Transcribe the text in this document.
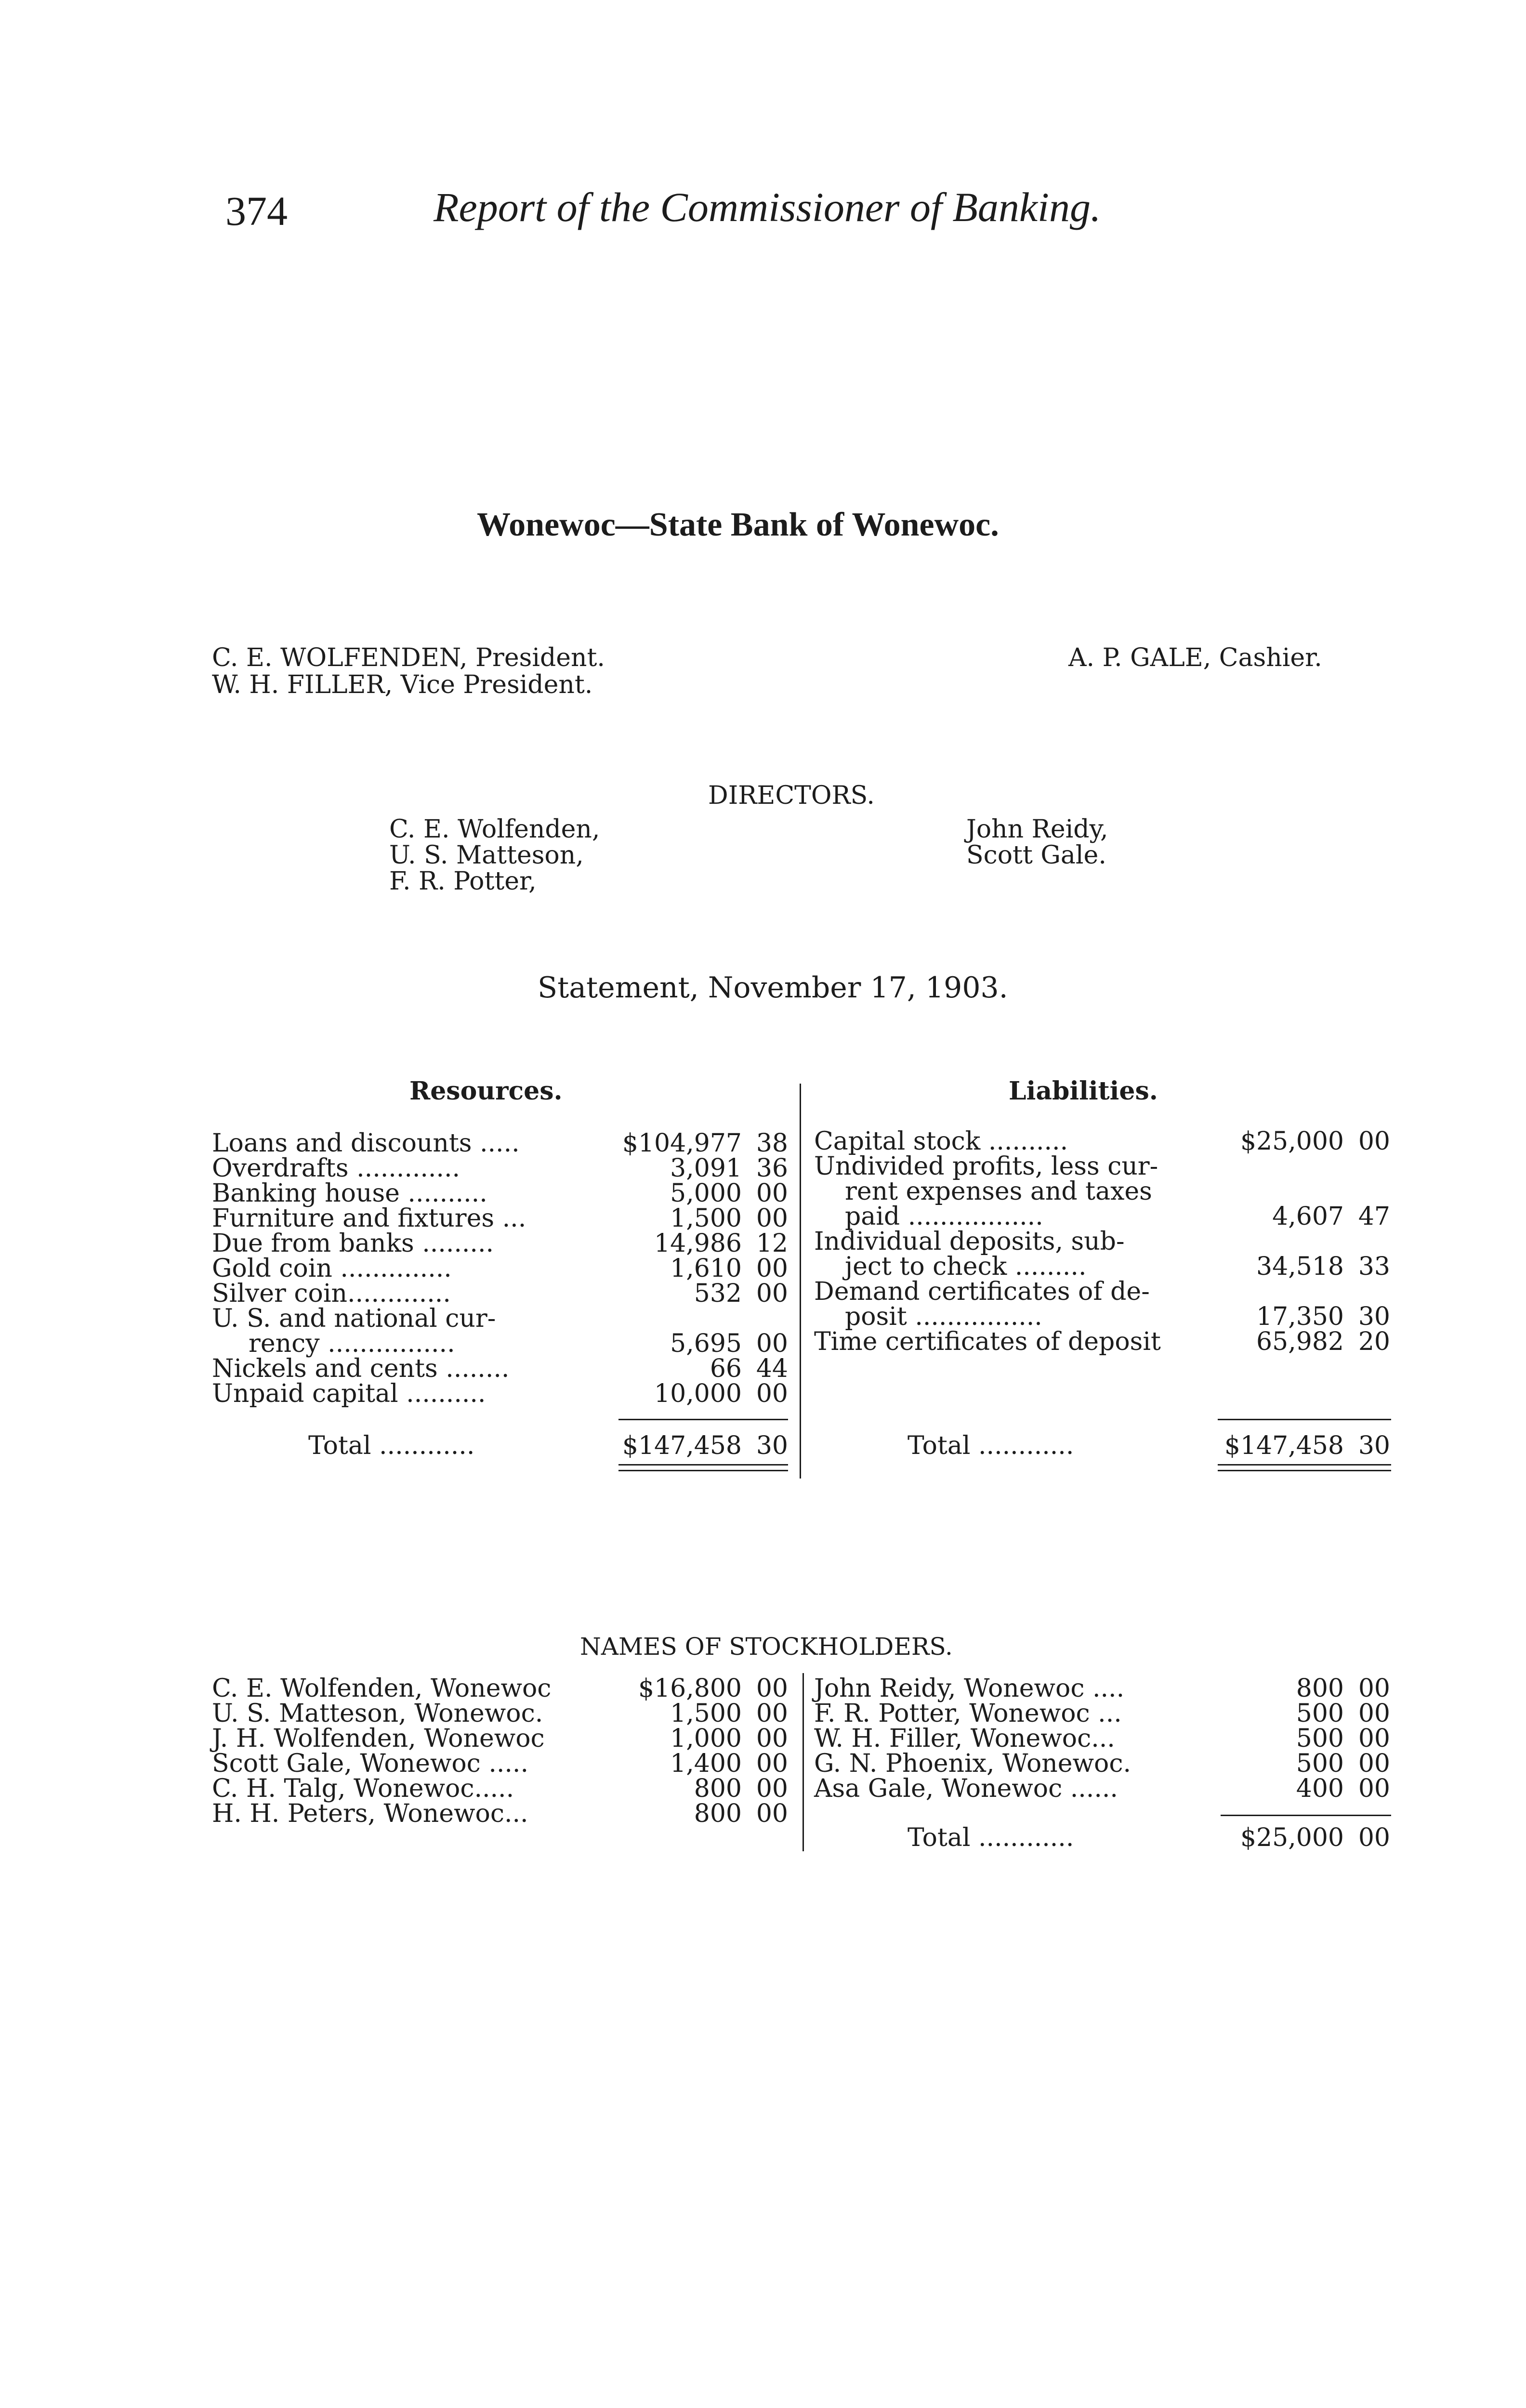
374	Report of the Commissioner of Banking.
Wonewoc—State Bank of Wonewoc.
C. E. WOLFENDEN, President.
W. H. FILLER, Vice President.
A. P. GALE, Cashier.
DIRECTORS.
C. E. Wolfenden,
U. S. Matteson,
F. R. Potter,
John Reidy,
Scott Gale.
Statement, November 17, 1903.
Resources.
Loans and discounts .....	$104,977 38
Overdrafts .............	3,091 36
Banking house ..........	5,000 00
Furniture and fixtures ...	1,500 00
Due from banks .........	14,986 12
Gold coin ..............	1,610 00
Silver coin.............	532 00
U. S. and national cur-
rency ................	5,695 00
Nickels and cents ........	66 44
Unpaid capital ..........	10,000 00
Liabilities.
Capital stock ..........	$25,000 00
Undivided profits, less cur-
rent expenses and taxes
paid .................	4,607 47
Individual deposits, sub-
ject to check .........	34,518 33
Demand certificates of de-
posit ................	17,350 30
Time certificates of deposit	65,982 20
Total ............	$147,458 30	Total ............	$147,458 30
NAMES OF STOCKHOLDERS.
C. E. Wolfenden, Wonewoc	$16,800 00
U. S. Matteson, Wonewoc.	1,500 00
J. H. Wolfenden, Wonewoc	1,000 00
Scott Gale, Wonewoc .....	1,400 00
C. H. Talg, Wonewoc.....	800 00
H. H. Peters, Wonewoc...	800 00
John Reidy, Wonewoc ....	800 00
F. R. Potter, Wonewoc ...	500 00
W. H. Filler, Wonewoc...	500 00
G. N. Phoenix, Wonewoc.	500 00
Asa Gale, Wonewoc ......	400 00
Total ............	$25,000 00
